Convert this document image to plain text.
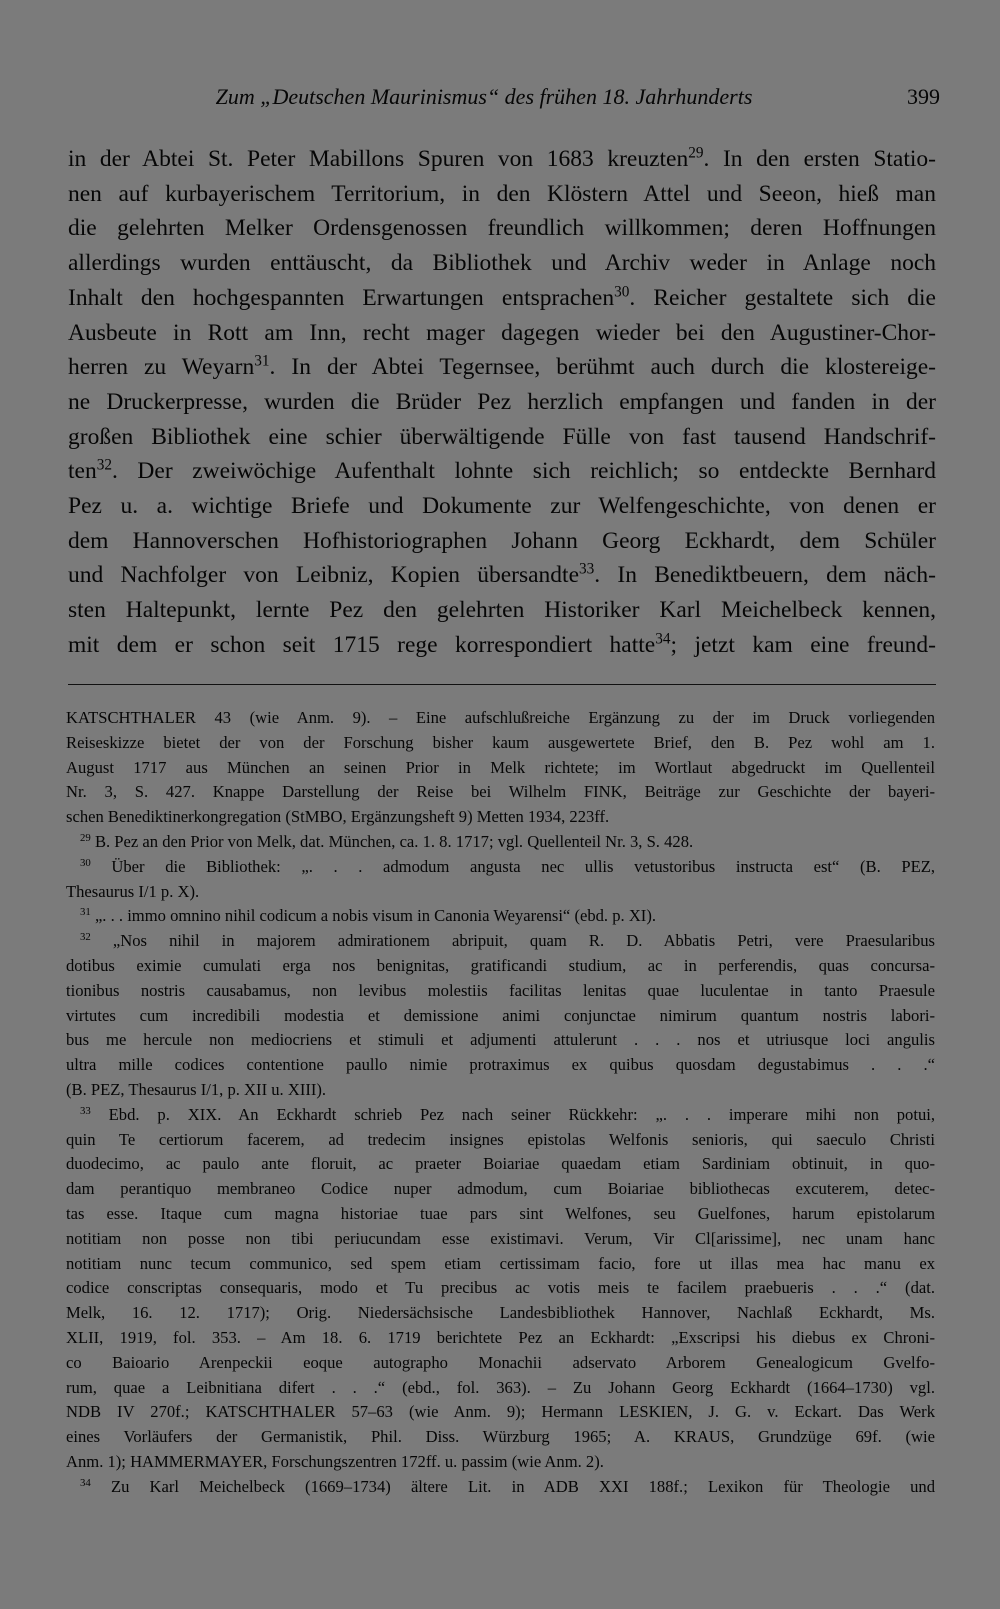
Zum „Deutschen Maurinismus“ des frühen 18. Jahrhunderts	399
in der Abtei St. Peter Mabillons Spuren von 1683 kreuzten$^{29}$. In den ersten Statio-
nen auf kurbayerischem Territorium, in den Klöstern Attel und Seeon, hieß man
die gelehrten Melker Ordensgenossen freundlich willkommen; deren Hoffnungen
allerdings wurden enttäuscht, da Bibliothek und Archiv weder in Anlage noch
Inhalt den hochgespannten Erwartungen entsprachen$^{30}$. Reicher gestaltete sich die
Ausbeute in Rott am Inn, recht mager dagegen wieder bei den Augustiner-Chor-
herren zu Weyarn$^{31}$. In der Abtei Tegernsee, berühmt auch durch die klostereige-
ne Druckerpresse, wurden die Brüder Pez herzlich empfangen und fanden in der
großen Bibliothek eine schier überwältigende Fülle von fast tausend Handschrif-
ten$^{32}$. Der zweiwöchige Aufenthalt lohnte sich reichlich; so entdeckte Bernhard
Pez u. a. wichtige Briefe und Dokumente zur Welfengeschichte, von denen er
dem Hannoverschen Hofhistoriographen Johann Georg Eckhardt, dem Schüler
und Nachfolger von Leibniz, Kopien übersandte$^{33}$. In Benediktbeuern, dem näch-
sten Haltepunkt, lernte Pez den gelehrten Historiker Karl Meichelbeck kennen,
mit dem er schon seit 1715 rege korrespondiert hatte$^{34}$; jetzt kam eine freund-
KATSCHTHALER 43 (wie Anm. 9). – Eine aufschlußreiche Ergänzung zu der im Druck vorliegenden
Reiseskizze bietet der von der Forschung bisher kaum ausgewertete Brief, den B. Pez wohl am 1.
August 1717 aus München an seinen Prior in Melk richtete; im Wortlaut abgedruckt im Quellenteil
Nr. 3, S. 427. Knappe Darstellung der Reise bei Wilhelm FINK, Beiträge zur Geschichte der bayeri-
schen Benediktinerkongregation (StMBO, Ergänzungsheft 9) Metten 1934, 223ff.
$^{29}$ B. Pez an den Prior von Melk, dat. München, ca. 1. 8. 1717; vgl. Quellenteil Nr. 3, S. 428.
$^{30}$ Über die Bibliothek: „. . . admodum angusta nec ullis vetustoribus instructa est“ (B. PEZ,
Thesaurus I/1 p. X).
$^{31}$ „. . . immo omnino nihil codicum a nobis visum in Canonia Weyarensi“ (ebd. p. XI).
$^{32}$ „Nos nihil in majorem admirationem abripuit, quam R. D. Abbatis Petri, vere Praesularibus
dotibus eximie cumulati erga nos benignitas, gratificandi studium, ac in perferendis, quas concursa-
tionibus nostris causabamus, non levibus molestiis facilitas lenitas quae luculentae in tanto Praesule
virtutes cum incredibili modestia et demissione animi conjunctae nimirum quantum nostris labori-
bus me hercule non mediocriens et stimuli et adjumenti attulerunt . . . nos et utriusque loci angulis
ultra mille codices contentione paullo nimie protraximus ex quibus quosdam degustabimus . . .“
(B. PEZ, Thesaurus I/1, p. XII u. XIII).
$^{33}$ Ebd. p. XIX. An Eckhardt schrieb Pez nach seiner Rückkehr: „. . . imperare mihi non potui,
quin Te certiorum facerem, ad tredecim insignes epistolas Welfonis senioris, qui saeculo Christi
duodecimo, ac paulo ante floruit, ac praeter Boiariae quaedam etiam Sardiniam obtinuit, in quo-
dam perantiquo membraneo Codice nuper admodum, cum Boiariae bibliothecas excuterem, detec-
tas esse. Itaque cum magna historiae tuae pars sint Welfones, seu Guelfones, harum epistolarum
notitiam non posse non tibi periucundam esse existimavi. Verum, Vir Cl[arissime], nec unam hanc
notitiam nunc tecum communico, sed spem etiam certissimam facio, fore ut illas mea hac manu ex
codice conscriptas consequaris, modo et Tu precibus ac votis meis te facilem praebueris . . .“ (dat.
Melk, 16. 12. 1717); Orig. Niedersächsische Landesbibliothek Hannover, Nachlaß Eckhardt, Ms.
XLII, 1919, fol. 353. – Am 18. 6. 1719 berichtete Pez an Eckhardt: „Exscripsi his diebus ex Chroni-
co Baioario Arenpeckii eoque autographo Monachii adservato Arborem Genealogicum Gvelfo-
rum, quae a Leibnitiana difert . . .“ (ebd., fol. 363). – Zu Johann Georg Eckhardt (1664–1730) vgl.
NDB IV 270f.; KATSCHTHALER 57–63 (wie Anm. 9); Hermann LESKIEN, J. G. v. Eckart. Das Werk
eines Vorläufers der Germanistik, Phil. Diss. Würzburg 1965; A. KRAUS, Grundzüge 69f. (wie
Anm. 1); HAMMERMAYER, Forschungszentren 172ff. u. passim (wie Anm. 2).
$^{34}$ Zu Karl Meichelbeck (1669–1734) ältere Lit. in ADB XXI 188f.; Lexikon für Theologie und
